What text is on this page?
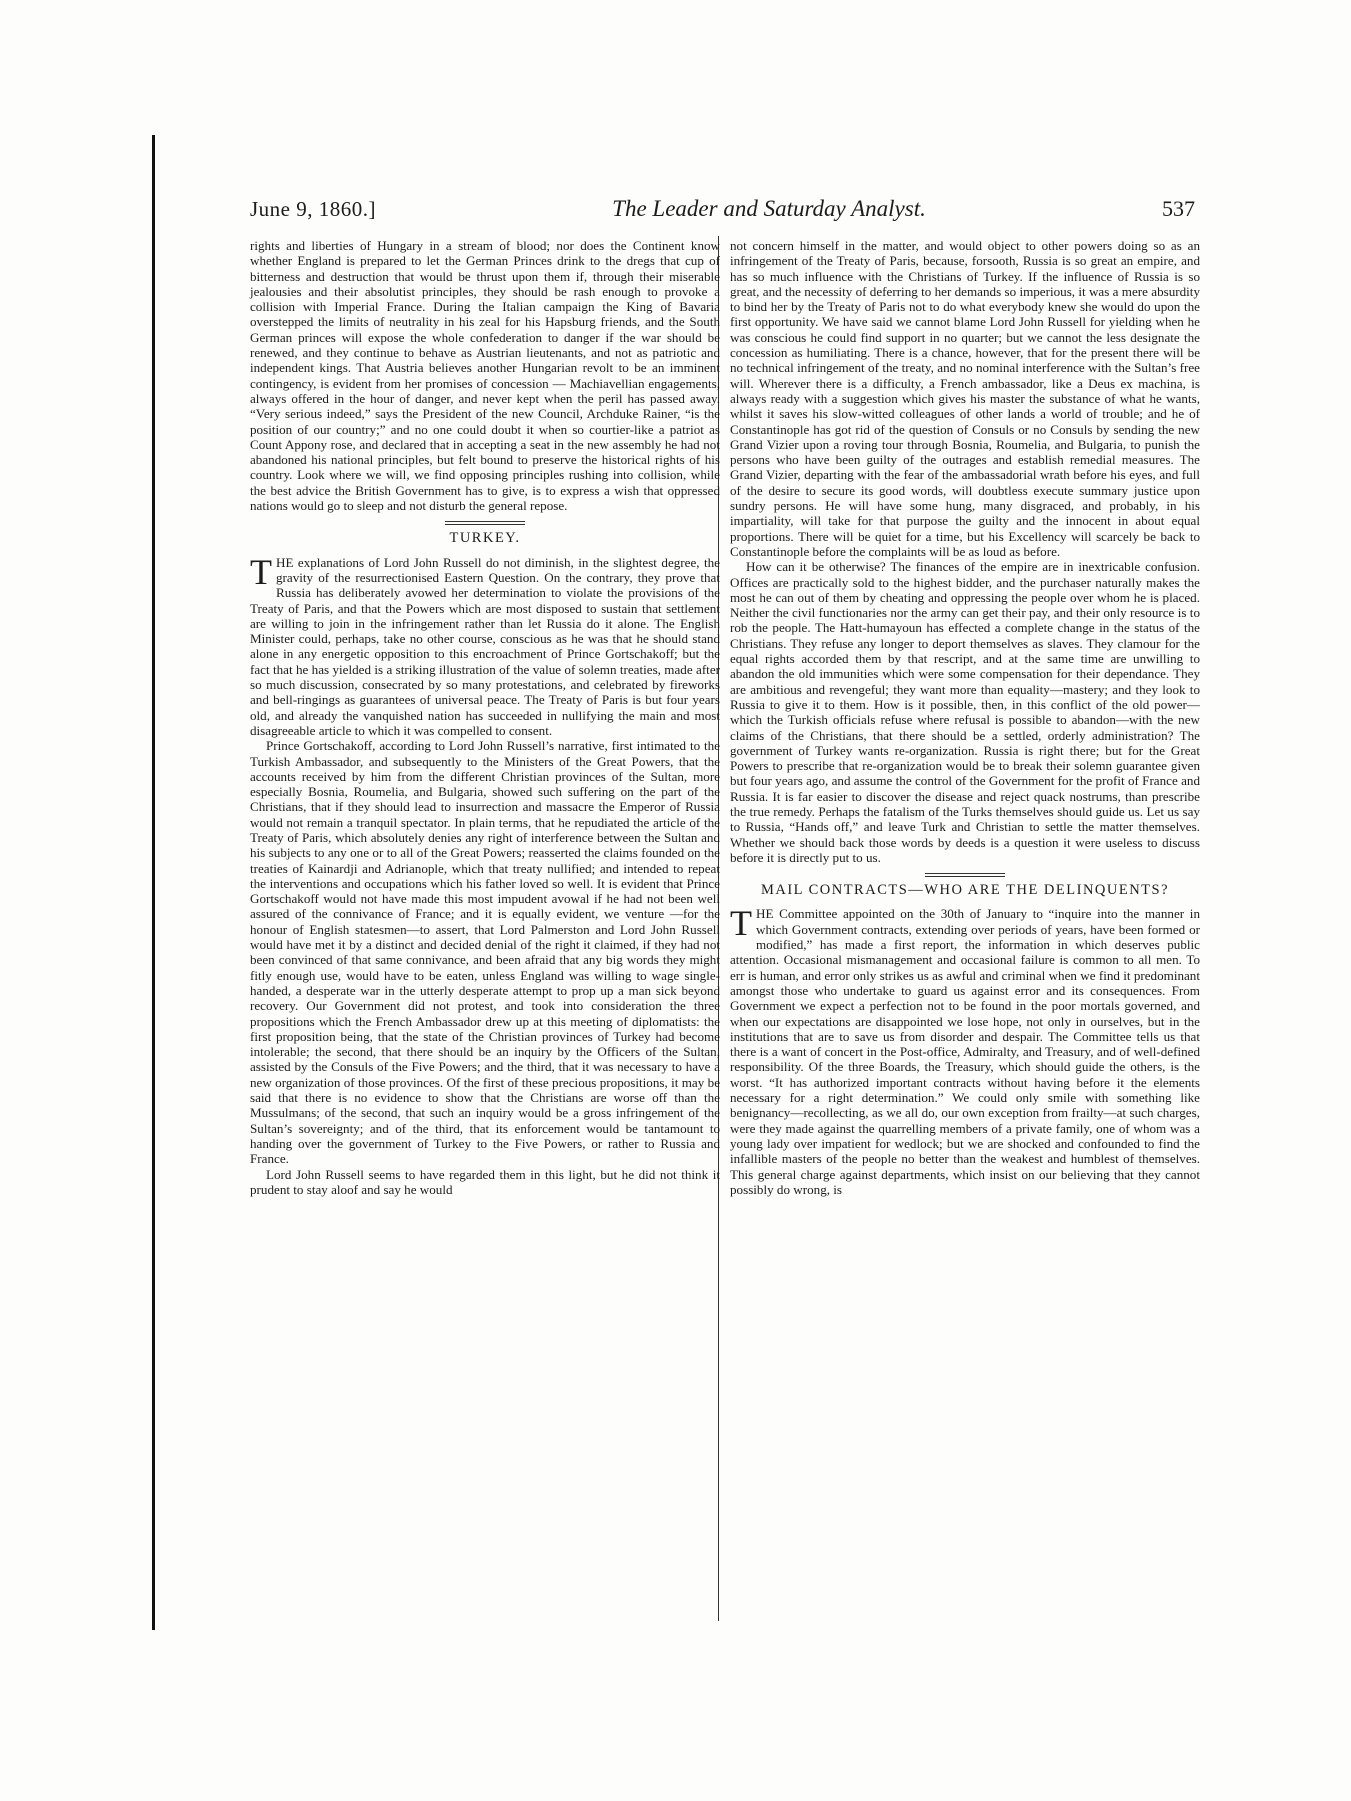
June 9, 1860.]	The Leader and Saturday Analyst.	537

rights and liberties of Hungary in a stream of blood; nor does the Continent know whether England is prepared to let the German Princes drink to the dregs that cup of bitterness and destruction that would be thrust upon them if, through their miserable jealousies and their absolutist principles, they should be rash enough to provoke a collision with Imperial France. During the Italian campaign the King of Bavaria overstepped the limits of neutrality in his zeal for his Hapsburg friends, and the South German princes will expose the whole confederation to danger if the war should be renewed, and they continue to behave as Austrian lieutenants, and not as patriotic and independent kings. That Austria believes another Hungarian revolt to be an imminent contingency, is evident from her promises of concession — Machiavellian engagements, always offered in the hour of danger, and never kept when the peril has passed away. “Very serious indeed,” says the President of the new Council, Archduke Rainer, “is the position of our country;” and no one could doubt it when so courtier-like a patriot as Count Appony rose, and declared that in accepting a seat in the new assembly he had not abandoned his national principles, but felt bound to preserve the historical rights of his country. Look where we will, we find opposing principles rushing into collision, while the best advice the British Government has to give, is to express a wish that oppressed nations would go to sleep and not disturb the general repose.

TURKEY.

THE explanations of Lord John Russell do not diminish, in the slightest degree, the gravity of the resurrectionised Eastern Question. On the contrary, they prove that Russia has deliberately avowed her determination to violate the provisions of the Treaty of Paris, and that the Powers which are most disposed to sustain that settlement are willing to join in the infringement rather than let Russia do it alone. The English Minister could, perhaps, take no other course, conscious as he was that he should stand alone in any energetic opposition to this encroachment of Prince Gortschakoff; but the fact that he has yielded is a striking illustration of the value of solemn treaties, made after so much discussion, consecrated by so many protestations, and celebrated by fireworks and bell-ringings as guarantees of universal peace. The Treaty of Paris is but four years old, and already the vanquished nation has succeeded in nullifying the main and most disagreeable article to which it was compelled to consent.

Prince Gortschakoff, according to Lord John Russell’s narrative, first intimated to the Turkish Ambassador, and subsequently to the Ministers of the Great Powers, that the accounts received by him from the different Christian provinces of the Sultan, more especially Bosnia, Roumelia, and Bulgaria, showed such suffering on the part of the Christians, that if they should lead to insurrection and massacre the Emperor of Russia would not remain a tranquil spectator. In plain terms, that he repudiated the article of the Treaty of Paris, which absolutely denies any right of interference between the Sultan and his subjects to any one or to all of the Great Powers; reasserted the claims founded on the treaties of Kainardji and Adrianople, which that treaty nullified; and intended to repeat the interventions and occupations which his father loved so well. It is evident that Prince Gortschakoff would not have made this most impudent avowal if he had not been well assured of the connivance of France; and it is equally evident, we venture —for the honour of English statesmen—to assert, that Lord Palmerston and Lord John Russell would have met it by a distinct and decided denial of the right it claimed, if they had not been convinced of that same connivance, and been afraid that any big words they might fitly enough use, would have to be eaten, unless England was willing to wage single-handed, a desperate war in the utterly desperate attempt to prop up a man sick beyond recovery. Our Government did not protest, and took into consideration the three propositions which the French Ambassador drew up at this meeting of diplomatists: the first proposition being, that the state of the Christian provinces of Turkey had become intolerable; the second, that there should be an inquiry by the Officers of the Sultan, assisted by the Consuls of the Five Powers; and the third, that it was necessary to have a new organization of those provinces. Of the first of these precious propositions, it may be said that there is no evidence to show that the Christians are worse off than the Mussulmans; of the second, that such an inquiry would be a gross infringement of the Sultan’s sovereignty; and of the third, that its enforcement would be tantamount to handing over the government of Turkey to the Five Powers, or rather to Russia and France.

Lord John Russell seems to have regarded them in this light, but he did not think it prudent to stay aloof and say he would

not concern himself in the matter, and would object to other powers doing so as an infringement of the Treaty of Paris, because, forsooth, Russia is so great an empire, and has so much influence with the Christians of Turkey. If the influence of Russia is so great, and the necessity of deferring to her demands so imperious, it was a mere absurdity to bind her by the Treaty of Paris not to do what everybody knew she would do upon the first opportunity. We have said we cannot blame Lord John Russell for yielding when he was conscious he could find support in no quarter; but we cannot the less designate the concession as humiliating. There is a chance, however, that for the present there will be no technical infringement of the treaty, and no nominal interference with the Sultan’s free will. Wherever there is a difficulty, a French ambassador, like a Deus ex machina, is always ready with a suggestion which gives his master the substance of what he wants, whilst it saves his slow-witted colleagues of other lands a world of trouble; and he of Constantinople has got rid of the question of Consuls or no Consuls by sending the new Grand Vizier upon a roving tour through Bosnia, Roumelia, and Bulgaria, to punish the persons who have been guilty of the outrages and establish remedial measures. The Grand Vizier, departing with the fear of the ambassadorial wrath before his eyes, and full of the desire to secure its good words, will doubtless execute summary justice upon sundry persons. He will have some hung, many disgraced, and probably, in his impartiality, will take for that purpose the guilty and the innocent in about equal proportions. There will be quiet for a time, but his Excellency will scarcely be back to Constantinople before the complaints will be as loud as before.

How can it be otherwise? The finances of the empire are in inextricable confusion. Offices are practically sold to the highest bidder, and the purchaser naturally makes the most he can out of them by cheating and oppressing the people over whom he is placed. Neither the civil functionaries nor the army can get their pay, and their only resource is to rob the people. The Hatt-humayoun has effected a complete change in the status of the Christians. They refuse any longer to deport themselves as slaves. They clamour for the equal rights accorded them by that rescript, and at the same time are unwilling to abandon the old immunities which were some compensation for their dependance. They are ambitious and revengeful; they want more than equality—mastery; and they look to Russia to give it to them. How is it possible, then, in this conflict of the old power—which the Turkish officials refuse where refusal is possible to abandon—with the new claims of the Christians, that there should be a settled, orderly administration? The government of Turkey wants re-organization. Russia is right there; but for the Great Powers to prescribe that re-organization would be to break their solemn guarantee given but four years ago, and assume the control of the Government for the profit of France and Russia. It is far easier to discover the disease and reject quack nostrums, than prescribe the true remedy. Perhaps the fatalism of the Turks themselves should guide us. Let us say to Russia, “Hands off,” and leave Turk and Christian to settle the matter themselves. Whether we should back those words by deeds is a question it were useless to discuss before it is directly put to us.

MAIL CONTRACTS—WHO ARE THE DELINQUENTS?

THE Committee appointed on the 30th of January to “inquire into the manner in which Government contracts, extending over periods of years, have been formed or modified,” has made a first report, the information in which deserves public attention. Occasional mismanagement and occasional failure is common to all men. To err is human, and error only strikes us as awful and criminal when we find it predominant amongst those who undertake to guard us against error and its consequences. From Government we expect a perfection not to be found in the poor mortals governed, and when our expectations are disappointed we lose hope, not only in ourselves, but in the institutions that are to save us from disorder and despair. The Committee tells us that there is a want of concert in the Post-office, Admiralty, and Treasury, and of well-defined responsibility. Of the three Boards, the Treasury, which should guide the others, is the worst. “It has authorized important contracts without having before it the elements necessary for a right determination.” We could only smile with something like benignancy—recollecting, as we all do, our own exception from frailty—at such charges, were they made against the quarrelling members of a private family, one of whom was a young lady over impatient for wedlock; but we are shocked and confounded to find the infallible masters of the people no better than the weakest and humblest of themselves. This general charge against departments, which insist on our believing that they cannot possibly do wrong, is
